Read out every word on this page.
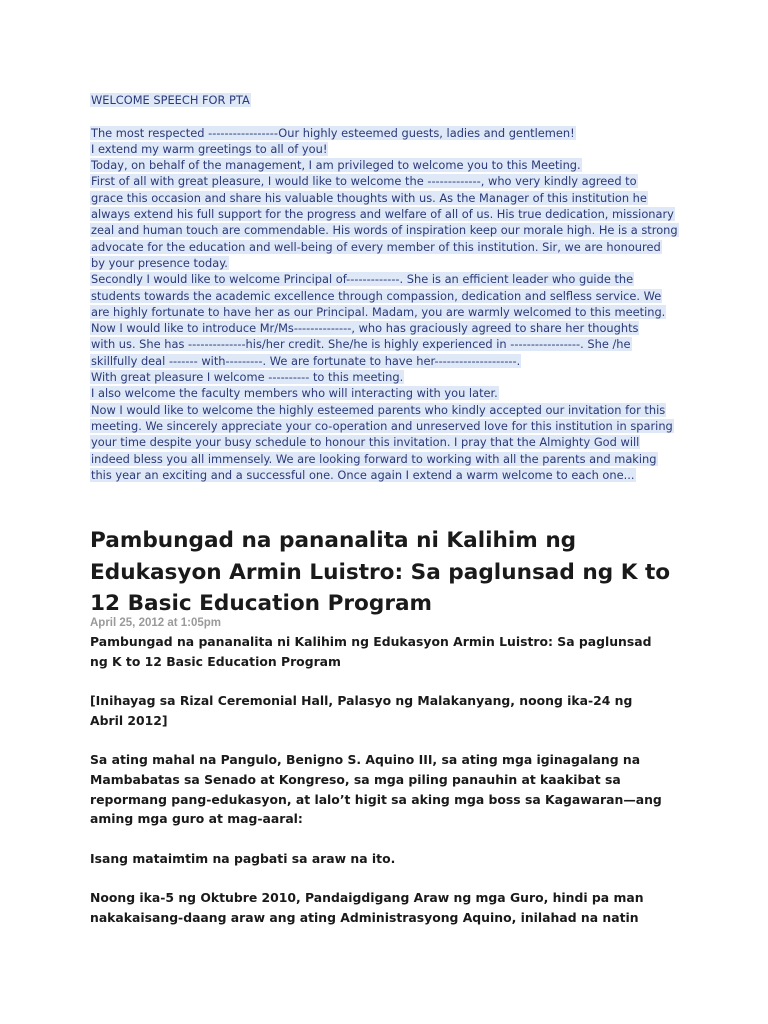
WELCOME SPEECH FOR PTA
The most respected -----------------Our highly esteemed guests, ladies and gentlemen!
I extend my warm greetings to all of you!
Today, on behalf of the management, I am privileged to welcome you to this Meeting.
First of all with great pleasure, I would like to welcome the -------------, who very kindly agreed to
grace this occasion and share his valuable thoughts with us. As the Manager of this institution he
always extend his full support for the progress and welfare of all of us. His true dedication, missionary
zeal and human touch are commendable. His words of inspiration keep our morale high. He is a strong
advocate for the education and well-being of every member of this institution. Sir, we are honoured
by your presence today.
Secondly I would like to welcome Principal of-------------. She is an efficient leader who guide the
students towards the academic excellence through compassion, dedication and selfless service. We
are highly fortunate to have her as our Principal. Madam, you are warmly welcomed to this meeting.
Now I would like to introduce Mr/Ms--------------, who has graciously agreed to share her thoughts
with us. She has --------------his/her credit. She/he is highly experienced in -----------------. She /he
skillfully deal ------- with---------. We are fortunate to have her--------------------.
With great pleasure I welcome ---------- to this meeting.
I also welcome the faculty members who will interacting with you later.
Now I would like to welcome the highly esteemed parents who kindly accepted our invitation for this
meeting. We sincerely appreciate your co-operation and unreserved love for this institution in sparing
your time despite your busy schedule to honour this invitation. I pray that the Almighty God will
indeed bless you all immensely. We are looking forward to working with all the parents and making
this year an exciting and a successful one. Once again I extend a warm welcome to each one...
Pambungad na pananalita ni Kalihim ng
Edukasyon Armin Luistro: Sa paglunsad ng K to
12 Basic Education Program
April 25, 2012 at 1:05pm
Pambungad na pananalita ni Kalihim ng Edukasyon Armin Luistro: Sa paglunsad
ng K to 12 Basic Education Program
[Inihayag sa Rizal Ceremonial Hall, Palasyo ng Malakanyang, noong ika-24 ng
Abril 2012]
Sa ating mahal na Pangulo, Benigno S. Aquino III, sa ating mga iginagalang na
Mambabatas sa Senado at Kongreso, sa mga piling panauhin at kaakibat sa
repormang pang-edukasyon, at lalo’t higit sa aking mga boss sa Kagawaran—ang
aming mga guro at mag-aaral:
Isang mataimtim na pagbati sa araw na ito.
Noong ika-5 ng Oktubre 2010, Pandaigdigang Araw ng mga Guro, hindi pa man
nakakaisang-daang araw ang ating Administrasyong Aquino, inilahad na natin
